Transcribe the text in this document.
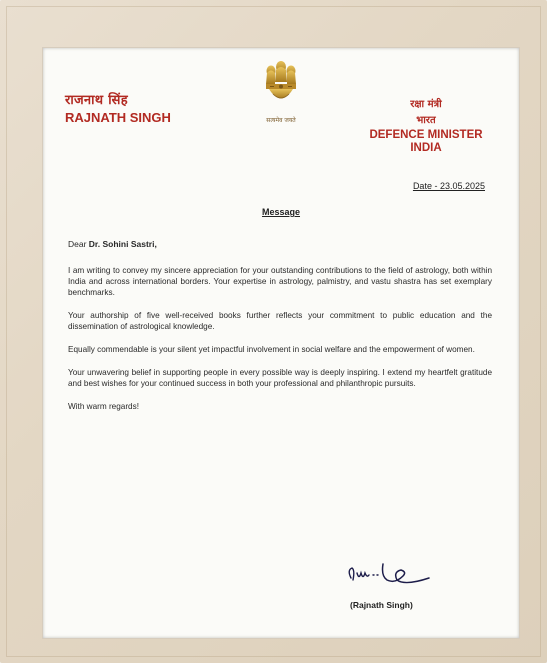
राजनाथ सिंह
RAJNATH SINGH	सत्यमेव जयते
रक्षा मंत्री
भारत
DEFENCE MINISTER
INDIA
Date - 23.05.2025
Message
Dear Dr. Sohini Sastri,

I am writing to convey my sincere appreciation for your outstanding contributions to the field of astrology, both within India and across international borders. Your expertise in astrology, palmistry, and vastu shastra has set exemplary benchmarks.

Your authorship of five well-received books further reflects your commitment to public education and the dissemination of astrological knowledge.

Equally commendable is your silent yet impactful involvement in social welfare and the empowerment of women.

Your unwavering belief in supporting people in every possible way is deeply inspiring. I extend my heartfelt gratitude and best wishes for your continued success in both your professional and philanthropic pursuits.

With warm regards!

(Rajnath Singh)
